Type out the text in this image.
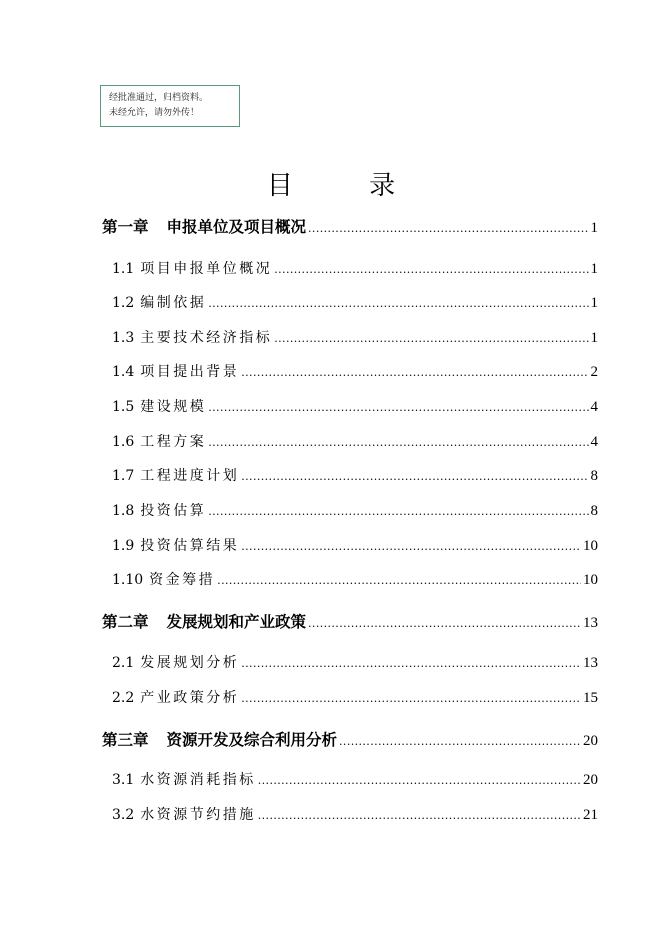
经批准通过，归档资料。
未经允许，请勿外传！
目 录
第一章 申报单位及项目概况 .....	1
1.1 项目申报单位概况 .....	1
1.2 编制依据 .....	1
1.3 主要技术经济指标 .....	1
1.4 项目提出背景 .....	2
1.5 建设规模 .....	4
1.6 工程方案 .....	4
1.7 工程进度计划 .....	8
1.8 投资估算 .....	8
1.9 投资估算结果 .....	10
1.10 资金筹措 .....	10
第二章 发展规划和产业政策 .....	13
2.1 发展规划分析 .....	13
2.2 产业政策分析 .....	15
第三章 资源开发及综合利用分析 .....	20
3.1 水资源消耗指标 .....	20
3.2 水资源节约措施 .....	21
